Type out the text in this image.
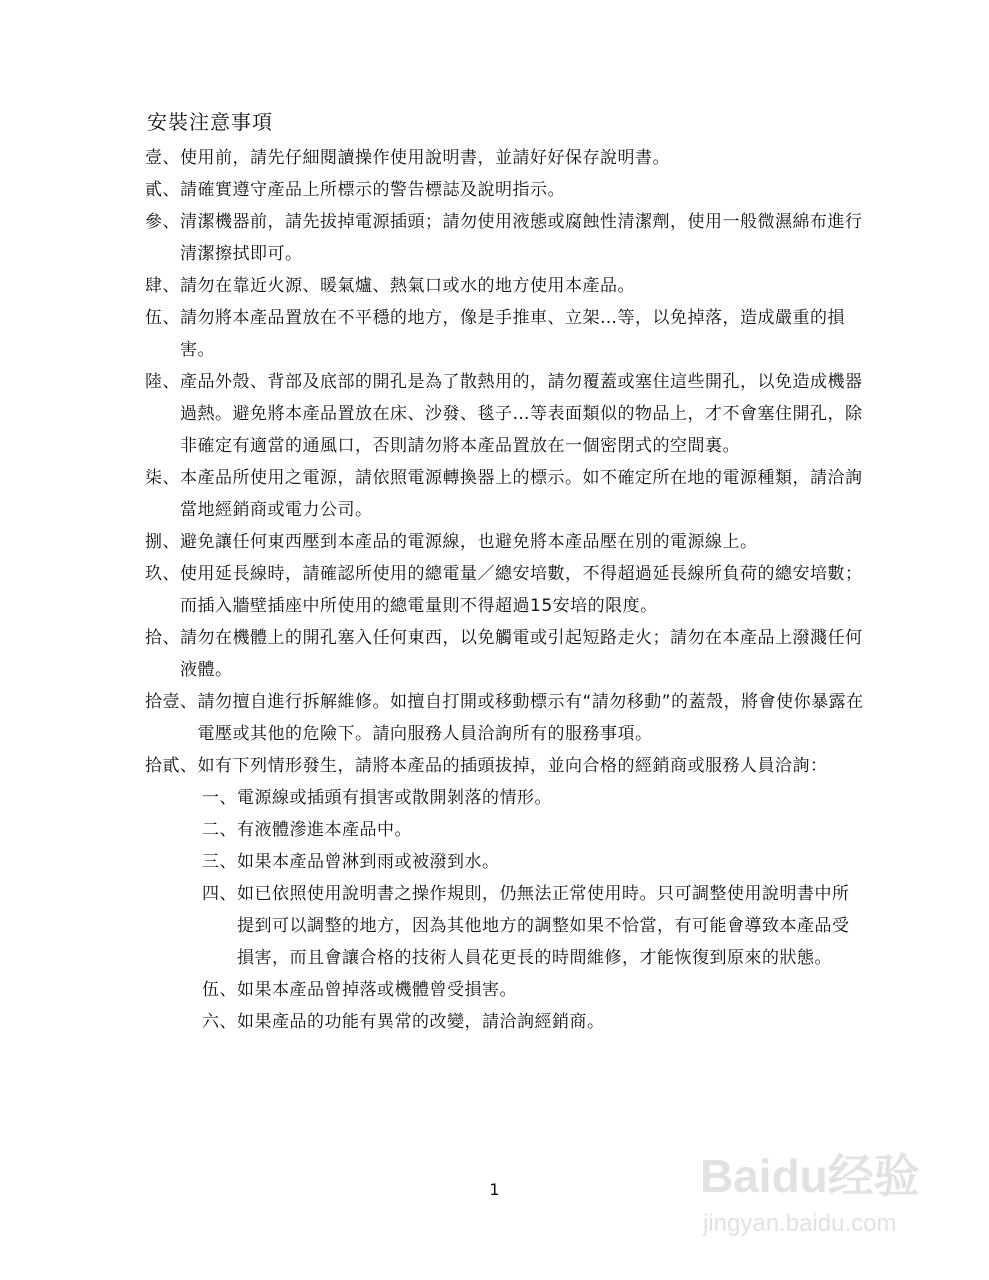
安裝注意事項
壹、 使用前，請先仔細閱讀操作使用說明書，並請好好保存說明書。
貳、 請確實遵守產品上所標示的警告標誌及說明指示。
參、 清潔機器前，請先拔掉電源插頭；請勿使用液態或腐蝕性清潔劑，使用一般微濕綿布進行清潔擦拭即可。
肆、 請勿在靠近火源、暖氣爐、熱氣口或水的地方使用本產品。
伍、 請勿將本產品置放在不平穩的地方，像是手推車、立架…等，以免掉落，造成嚴重的損害。
陸、 產品外殼、背部及底部的開孔是為了散熱用的，請勿覆蓋或塞住這些開孔，以免造成機器過熱。避免將本產品置放在床、沙發、毯子…等表面類似的物品上，才不會塞住開孔，除非確定有適當的通風口，否則請勿將本產品置放在一個密閉式的空間裏。
柒、 本產品所使用之電源，請依照電源轉換器上的標示。如不確定所在地的電源種類，請洽詢當地經銷商或電力公司。
捌、 避免讓任何東西壓到本產品的電源線，也避免將本產品壓在別的電源線上。
玖、 使用延長線時，請確認所使用的總電量／總安培數，不得超過延長線所負荷的總安培數；而插入牆壁插座中所使用的總電量則不得超過15安培的限度。
拾、 請勿在機體上的開孔塞入任何東西，以免觸電或引起短路走火；請勿在本產品上潑濺任何液體。
拾壹、 請勿擅自進行拆解維修。如擅自打開或移動標示有“請勿移動”的蓋殼，將會使你暴露在電壓或其他的危險下。請向服務人員洽詢所有的服務事項。
拾貳、 如有下列情形發生，請將本產品的插頭拔掉，並向合格的經銷商或服務人員洽詢：
一、 電源線或插頭有損害或散開剝落的情形。
二、 有液體滲進本產品中。
三、 如果本產品曾淋到雨或被潑到水。
四、 如已依照使用說明書之操作規則，仍無法正常使用時。只可調整使用說明書中所提到可以調整的地方，因為其他地方的調整如果不恰當，有可能會導致本產品受損害，而且會讓合格的技術人員花更長的時間維修，才能恢復到原來的狀態。
伍、 如果本產品曾掉落或機體曾受損害。
六、 如果產品的功能有異常的改變，請洽詢經銷商。
1	Baidu经验
jingyan.baidu.com
